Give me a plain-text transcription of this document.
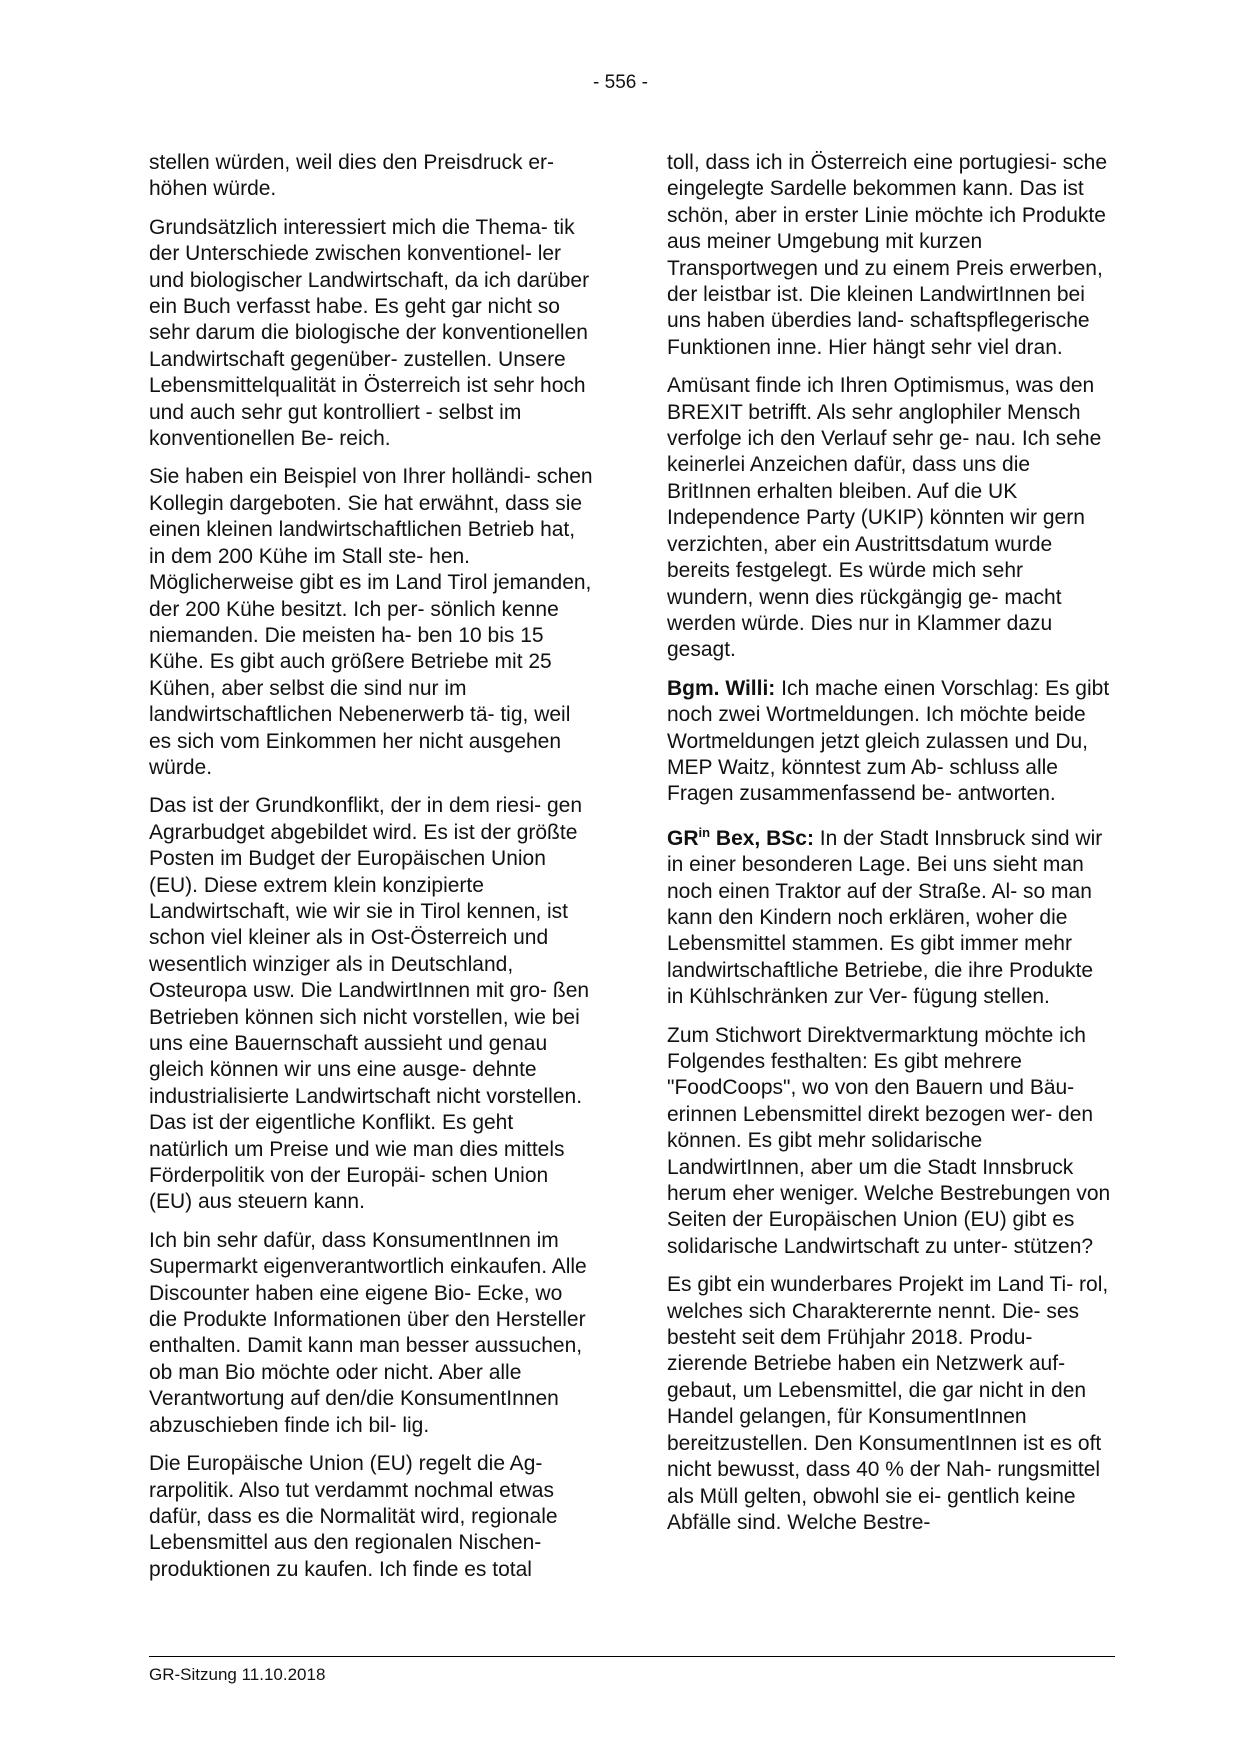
- 556 -

stellen würden, weil dies den Preisdruck er- höhen würde.

Grundsätzlich interessiert mich die Thema- tik der Unterschiede zwischen konventionel- ler und biologischer Landwirtschaft, da ich darüber ein Buch verfasst habe. Es geht gar nicht so sehr darum die biologische der konventionellen Landwirtschaft gegenüber- zustellen. Unsere Lebensmittelqualität in Österreich ist sehr hoch und auch sehr gut kontrolliert - selbst im konventionellen Be- reich.

Sie haben ein Beispiel von Ihrer holländi- schen Kollegin dargeboten. Sie hat erwähnt, dass sie einen kleinen landwirtschaftlichen Betrieb hat, in dem 200 Kühe im Stall ste- hen. Möglicherweise gibt es im Land Tirol jemanden, der 200 Kühe besitzt. Ich per- sönlich kenne niemanden. Die meisten ha- ben 10 bis 15 Kühe. Es gibt auch größere Betriebe mit 25 Kühen, aber selbst die sind nur im landwirtschaftlichen Nebenerwerb tä- tig, weil es sich vom Einkommen her nicht ausgehen würde.

Das ist der Grundkonflikt, der in dem riesi- gen Agrarbudget abgebildet wird. Es ist der größte Posten im Budget der Europäischen Union (EU). Diese extrem klein konzipierte Landwirtschaft, wie wir sie in Tirol kennen, ist schon viel kleiner als in Ost-Österreich und wesentlich winziger als in Deutschland, Osteuropa usw. Die LandwirtInnen mit gro- ßen Betrieben können sich nicht vorstellen, wie bei uns eine Bauernschaft aussieht und genau gleich können wir uns eine ausge- dehnte industrialisierte Landwirtschaft nicht vorstellen. Das ist der eigentliche Konflikt. Es geht natürlich um Preise und wie man dies mittels Förderpolitik von der Europäi- schen Union (EU) aus steuern kann.

Ich bin sehr dafür, dass KonsumentInnen im Supermarkt eigenverantwortlich einkaufen. Alle Discounter haben eine eigene Bio- Ecke, wo die Produkte Informationen über den Hersteller enthalten. Damit kann man besser aussuchen, ob man Bio möchte oder nicht. Aber alle Verantwortung auf den/die KonsumentInnen abzuschieben finde ich bil- lig.

Die Europäische Union (EU) regelt die Ag- rarpolitik. Also tut verdammt nochmal etwas dafür, dass es die Normalität wird, regionale Lebensmittel aus den regionalen Nischen- produktionen zu kaufen. Ich finde es total

toll, dass ich in Österreich eine portugiesi- sche eingelegte Sardelle bekommen kann. Das ist schön, aber in erster Linie möchte ich Produkte aus meiner Umgebung mit kurzen Transportwegen und zu einem Preis erwerben, der leistbar ist. Die kleinen LandwirtInnen bei uns haben überdies land- schaftspflegerische Funktionen inne. Hier hängt sehr viel dran.

Amüsant finde ich Ihren Optimismus, was den BREXIT betrifft. Als sehr anglophiler Mensch verfolge ich den Verlauf sehr ge- nau. Ich sehe keinerlei Anzeichen dafür, dass uns die BritInnen erhalten bleiben. Auf die UK Independence Party (UKIP) könnten wir gern verzichten, aber ein Austrittsdatum wurde bereits festgelegt. Es würde mich sehr wundern, wenn dies rückgängig ge- macht werden würde. Dies nur in Klammer dazu gesagt.

Bgm. Willi: Ich mache einen Vorschlag: Es gibt noch zwei Wortmeldungen. Ich möchte beide Wortmeldungen jetzt gleich zulassen und Du, MEP Waitz, könntest zum Ab- schluss alle Fragen zusammenfassend be- antworten.

$GR^{in}$ Bex, BSc: In der Stadt Innsbruck sind wir in einer besonderen Lage. Bei uns sieht man noch einen Traktor auf der Straße. Al- so man kann den Kindern noch erklären, woher die Lebensmittel stammen. Es gibt immer mehr landwirtschaftliche Betriebe, die ihre Produkte in Kühlschränken zur Ver- fügung stellen.

Zum Stichwort Direktvermarktung möchte ich Folgendes festhalten: Es gibt mehrere "FoodCoops", wo von den Bauern und Bäu- erinnen Lebensmittel direkt bezogen wer- den können. Es gibt mehr solidarische LandwirtInnen, aber um die Stadt Innsbruck herum eher weniger. Welche Bestrebungen von Seiten der Europäischen Union (EU) gibt es solidarische Landwirtschaft zu unter- stützen?

Es gibt ein wunderbares Projekt im Land Ti- rol, welches sich Charakterernte nennt. Die- ses besteht seit dem Frühjahr 2018. Produ- zierende Betriebe haben ein Netzwerk auf- gebaut, um Lebensmittel, die gar nicht in den Handel gelangen, für KonsumentInnen bereitzustellen. Den KonsumentInnen ist es oft nicht bewusst, dass 40 % der Nah- rungsmittel als Müll gelten, obwohl sie ei- gentlich keine Abfälle sind. Welche Bestre-

GR-Sitzung 11.10.2018
